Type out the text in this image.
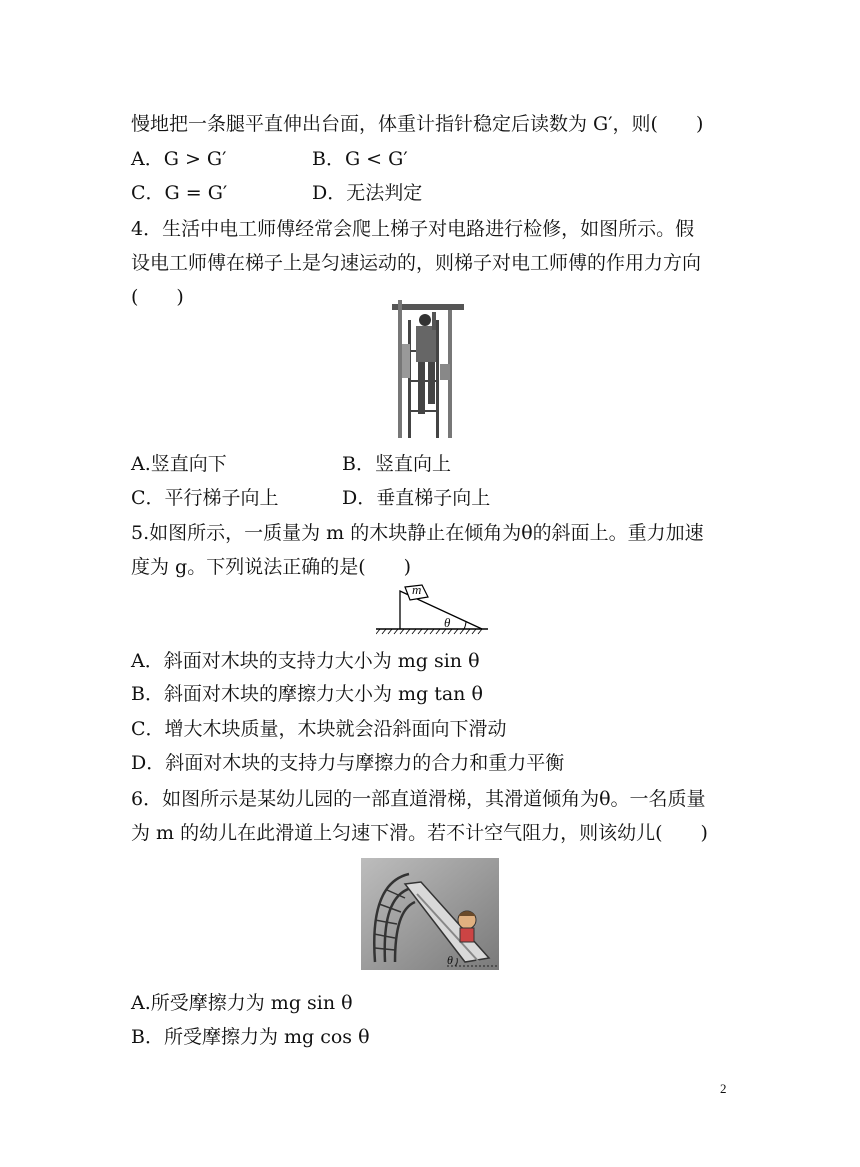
慢地把一条腿平直伸出台面，体重计指针稳定后读数为 G′，则(　　)
A．G > G′	B．G < G′
C．G = G′	D．无法判定
4．生活中电工师傅经常会爬上梯子对电路进行检修，如图所示。假
设电工师傅在梯子上是匀速运动的，则梯子对电工师傅的作用力方向
(　　)
A.竖直向下	B．竖直向上
C．平行梯子向上	D．垂直梯子向上
5.如图所示，一质量为 m 的木块静止在倾角为θ的斜面上。重力加速
度为 g。下列说法正确的是(　　)
m
θ
A．斜面对木块的支持力大小为 mg sin θ
B．斜面对木块的摩擦力大小为 mg tan θ
C．增大木块质量，木块就会沿斜面向下滑动
D．斜面对木块的支持力与摩擦力的合力和重力平衡
6．如图所示是某幼儿园的一部直道滑梯，其滑道倾角为θ。一名质量
为 m 的幼儿在此滑道上匀速下滑。若不计空气阻力，则该幼儿(　　)
θ
A.所受摩擦力为 mg sin θ
B．所受摩擦力为 mg cos θ
2
